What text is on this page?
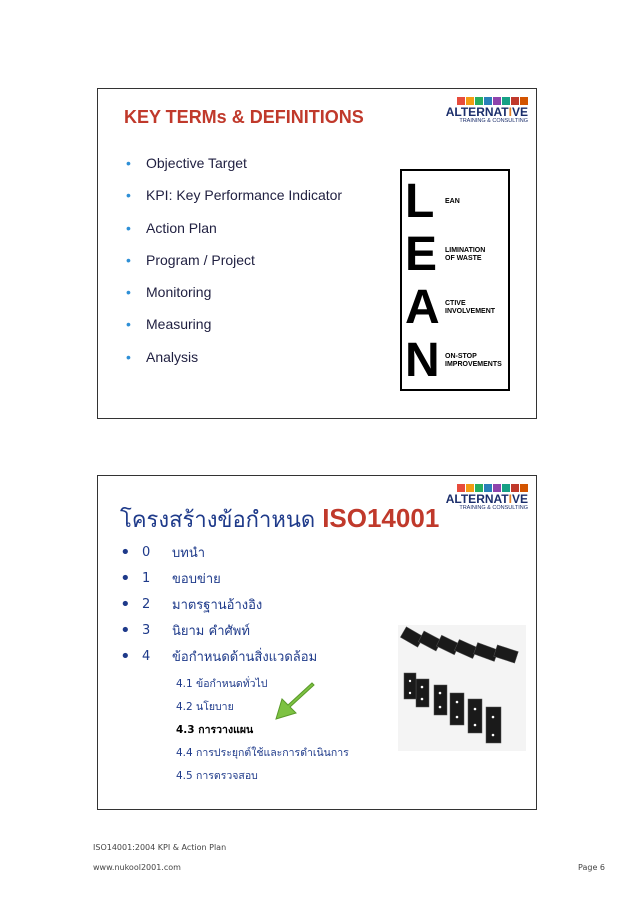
ALTERNATIVE
TRAINING & CONSULTING
KEY TERMs & DEFINITIONS
•	Objective Target
•	KPI: Key Performance Indicator
•	Action Plan
•	Program / Project
•	Monitoring
•	Measuring
•	Analysis
L	EAN
E	LIMINATION
OF WASTE
A CTIVE
INVOLVEMENT
N ON-STOP
IMPROVEMENTS
ALTERNATIVE
TRAINING & CONSULTING
โครงสร้างข้อกำหนด ISO14001
• 0	บทนำ
• 1	ขอบข่าย
• 2	มาตรฐานอ้างอิง
• 3	นิยาม คำศัพท์
• 4	ข้อกำหนดด้านสิ่งแวดล้อม
4.1 ข้อกำหนดทั่วไป
4.2 นโยบาย
4.3 การวางแผน
4.4 การประยุกต์ใช้และการดำเนินการ
4.5 การตรวจสอบ
ISO14001:2004 KPI & Action Plan
www.nukool2001.com	Page 6
